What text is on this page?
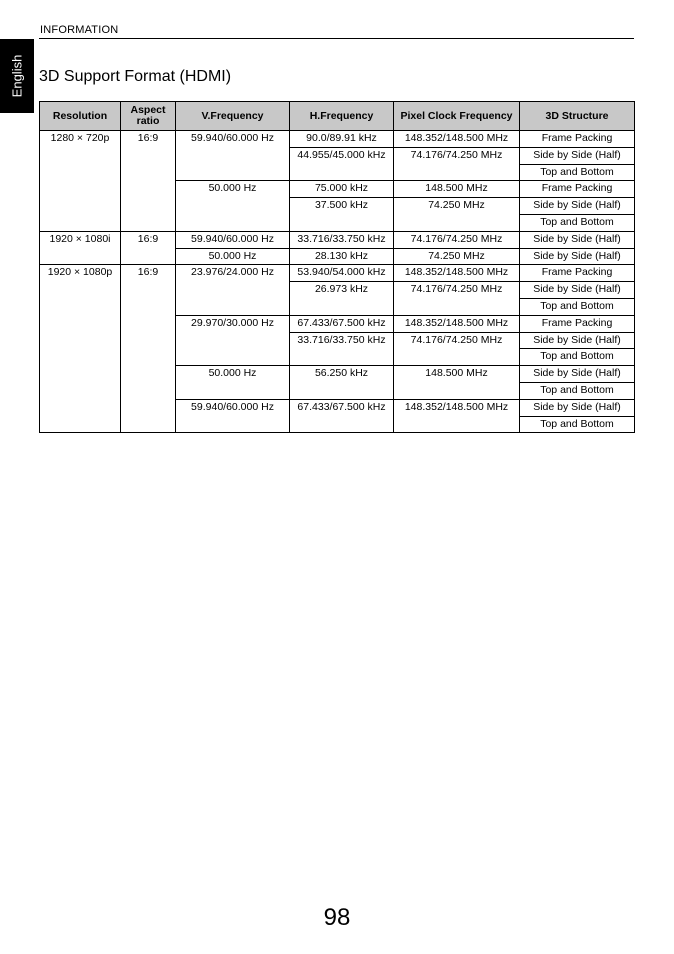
INFORMATION
English 3D Support Format (HDMI)
Resolution	Aspect ratio	V.Frequency	H.Frequency	Pixel Clock Frequency	3D Structure
1280 × 720p	16:9	59.940/60.000 Hz	90.0/89.91 kHz	148.352/148.500 MHz	Frame Packing
			44.955/45.000 kHz	74.176/74.250 MHz	Side by Side (Half)
					Top and Bottom
		50.000 Hz	75.000 kHz	148.500 MHz	Frame Packing
			37.500 kHz	74.250 MHz	Side by Side (Half)
					Top and Bottom
1920 × 1080i	16:9	59.940/60.000 Hz	33.716/33.750 kHz	74.176/74.250 MHz	Side by Side (Half)
		50.000 Hz	28.130 kHz	74.250 MHz	Side by Side (Half)
1920 × 1080p	16:9	23.976/24.000 Hz	53.940/54.000 kHz	148.352/148.500 MHz	Frame Packing
			26.973 kHz	74.176/74.250 MHz	Side by Side (Half)
					Top and Bottom
		29.970/30.000 Hz	67.433/67.500 kHz	148.352/148.500 MHz	Frame Packing
			33.716/33.750 kHz	74.176/74.250 MHz	Side by Side (Half)
					Top and Bottom
		50.000 Hz	56.250 kHz	148.500 MHz	Side by Side (Half)
					Top and Bottom
		59.940/60.000 Hz	67.433/67.500 kHz	148.352/148.500 MHz	Side by Side (Half)
					Top and Bottom
98
